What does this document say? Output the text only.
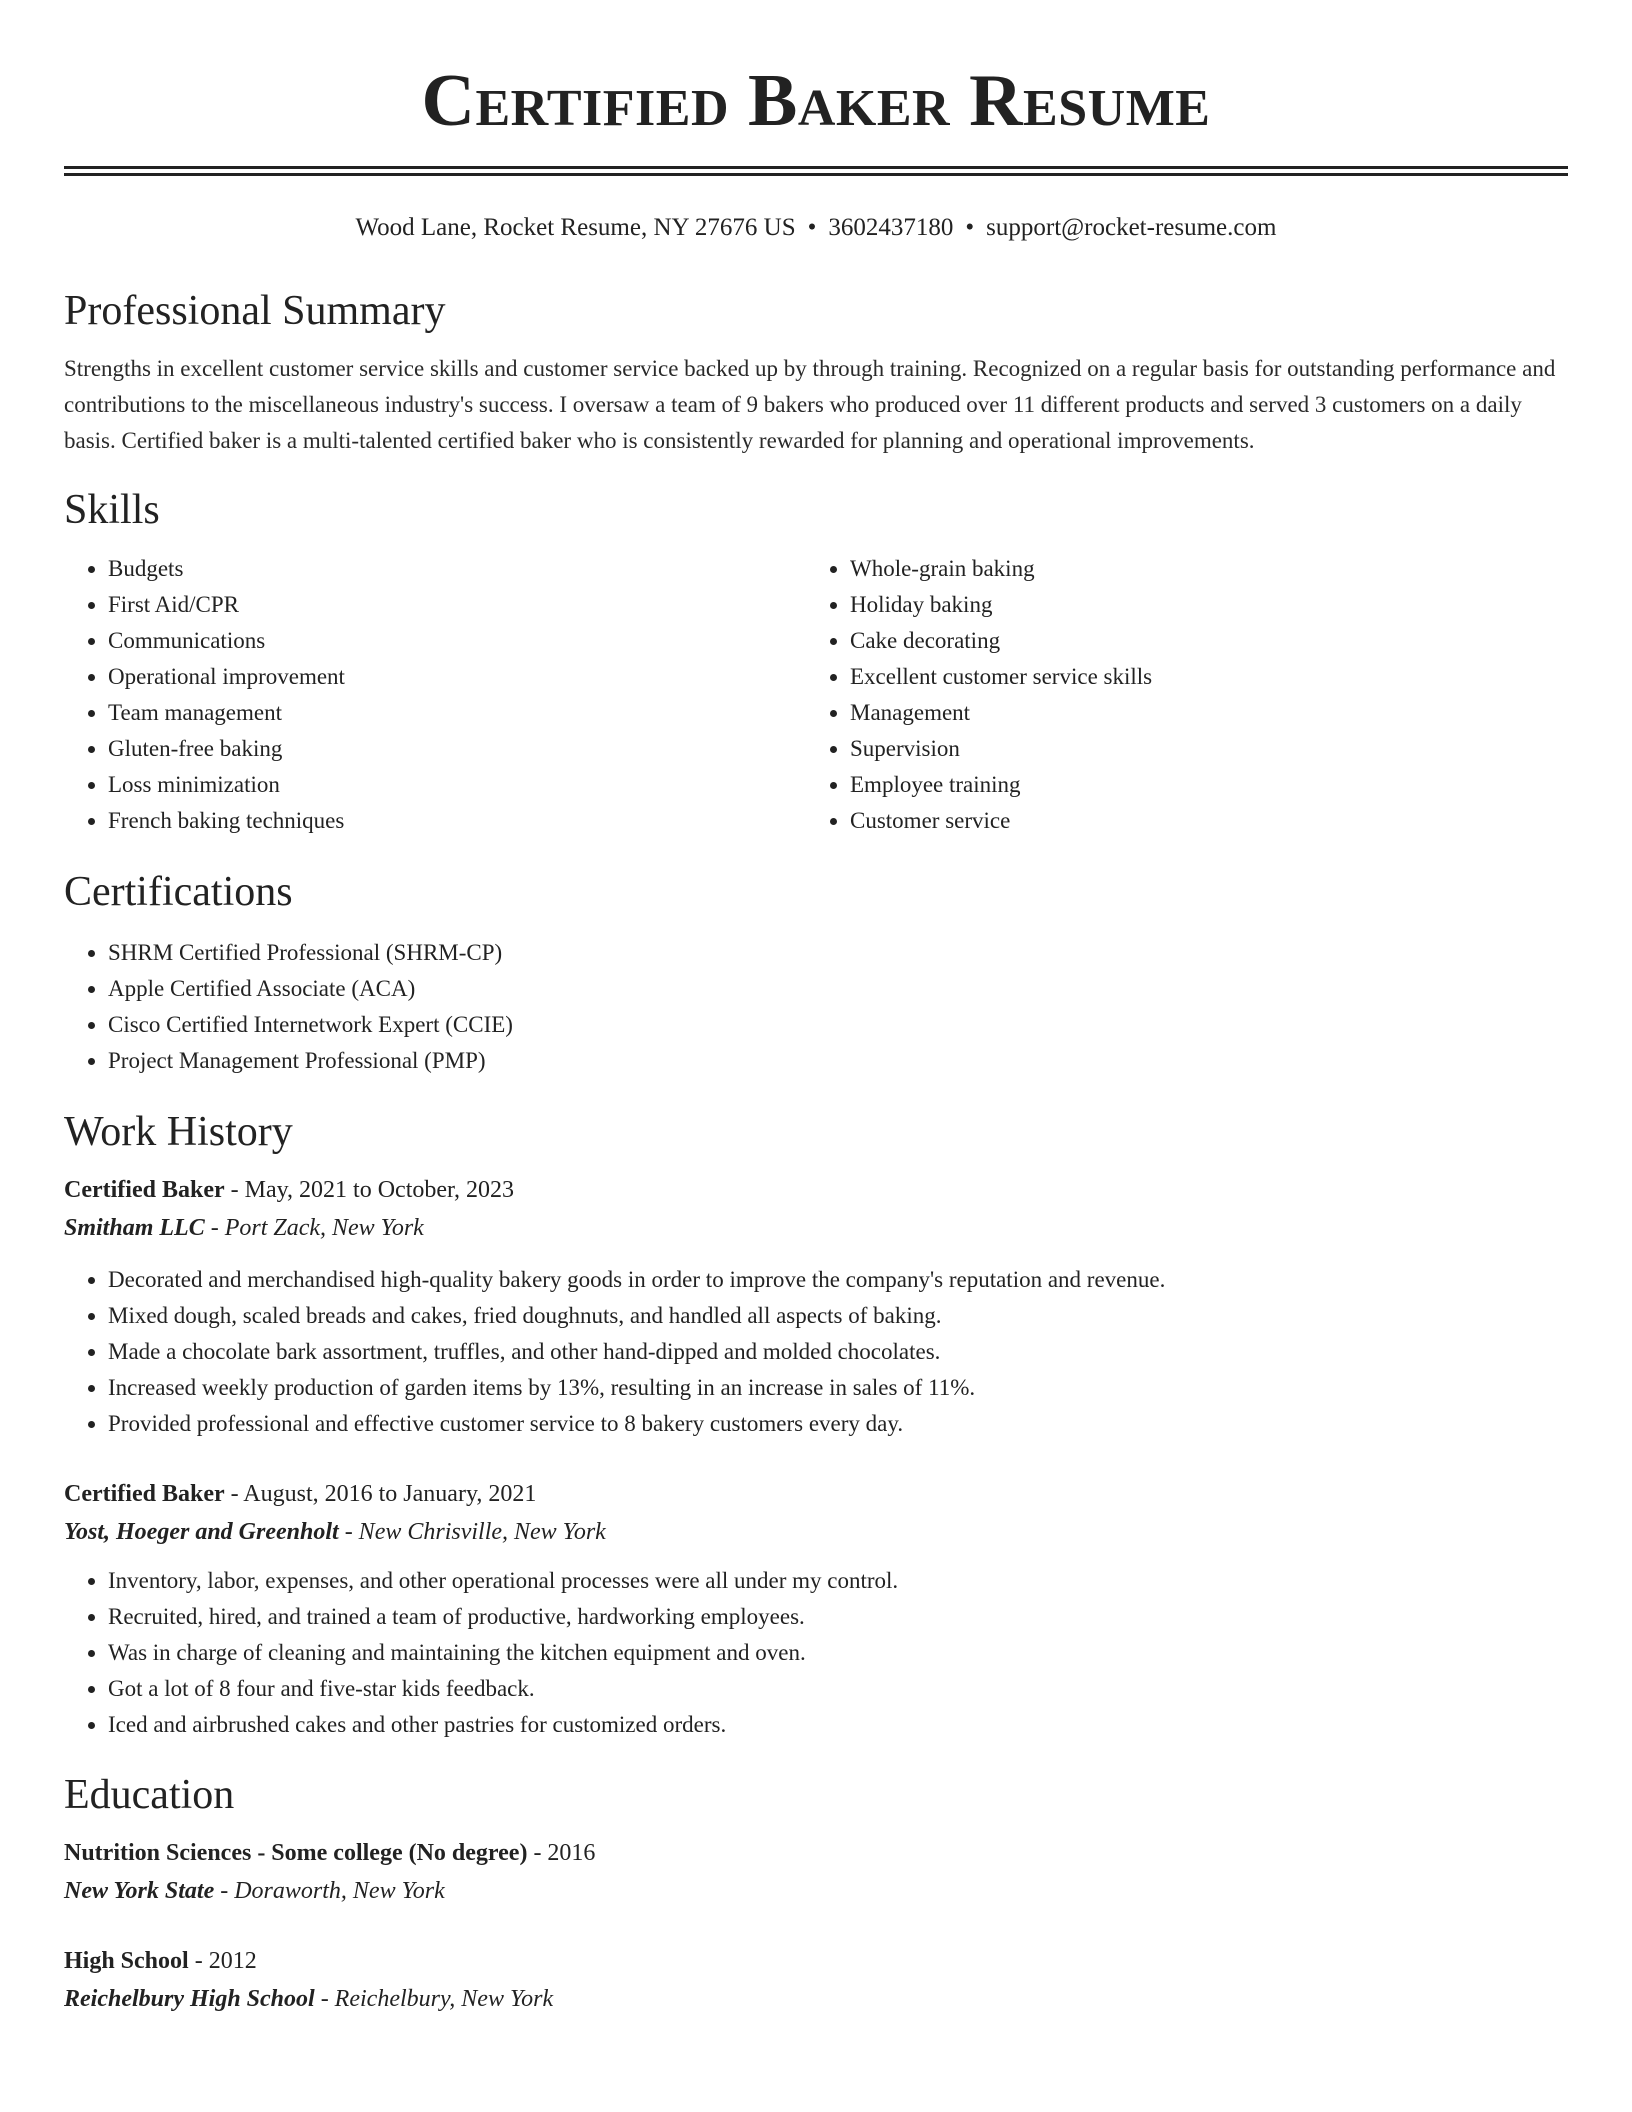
Certified Baker Resume
Wood Lane, Rocket Resume, NY 27676 US • 3602437180 • support@rocket-resume.com
Professional Summary

Strengths in excellent customer service skills and customer service backed up by through training. Recognized on a regular basis for outstanding performance and contributions to the miscellaneous industry's success. I oversaw a team of 9 bakers who produced over 11 different products and served 3 customers on a daily basis. Certified baker is a multi-talented certified baker who is consistently rewarded for planning and operational improvements.

Skills
• Budgets
• First Aid/CPR
• Communications
• Operational improvement
• Team management
• Gluten-free baking
• Loss minimization
• French baking techniques
• Whole-grain baking
• Holiday baking
• Cake decorating
• Excellent customer service skills
• Management
• Supervision
• Employee training
• Customer service
Certifications
• SHRM Certified Professional (SHRM-CP)
• Apple Certified Associate (ACA)
• Cisco Certified Internetwork Expert (CCIE)
• Project Management Professional (PMP)
Work History

Certified Baker - May, 2021 to October, 2023

Smitham LLC - Port Zack, New York

• Decorated and merchandised high-quality bakery goods in order to improve the company's reputation and revenue.
• Mixed dough, scaled breads and cakes, fried doughnuts, and handled all aspects of baking.
• Made a chocolate bark assortment, truffles, and other hand-dipped and molded chocolates.
• Increased weekly production of garden items by 13%, resulting in an increase in sales of 11%.
• Provided professional and effective customer service to 8 bakery customers every day.

Certified Baker - August, 2016 to January, 2021

Yost, Hoeger and Greenholt - New Chrisville, New York

• Inventory, labor, expenses, and other operational processes were all under my control.
• Recruited, hired, and trained a team of productive, hardworking employees.
• Was in charge of cleaning and maintaining the kitchen equipment and oven.
• Got a lot of 8 four and five-star kids feedback.
• Iced and airbrushed cakes and other pastries for customized orders.
Education

Nutrition Sciences - Some college (No degree) - 2016

New York State - Doraworth, New York

High School - 2012

Reichelbury High School - Reichelbury, New York
